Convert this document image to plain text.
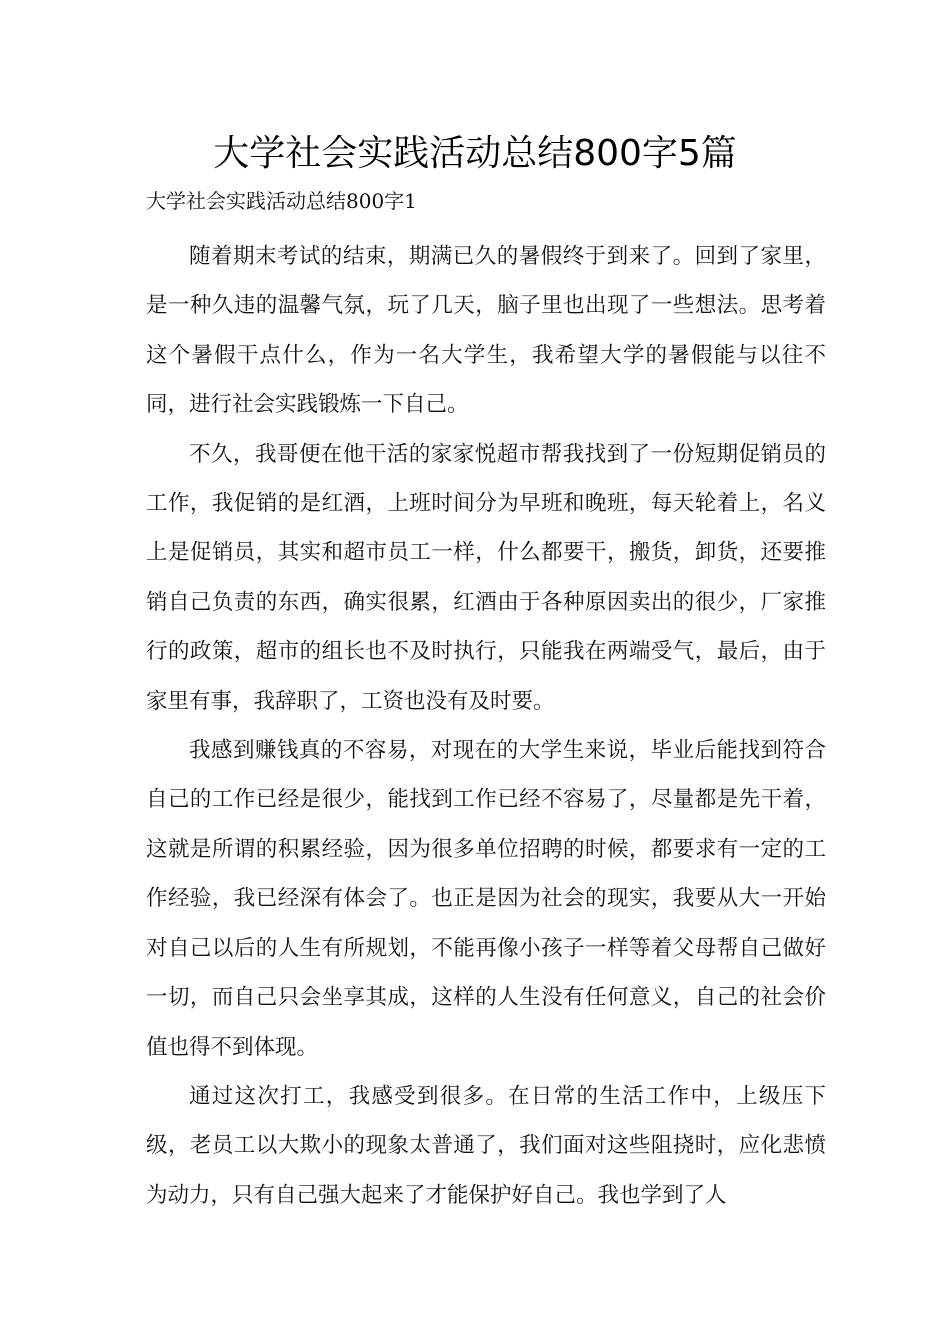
大学社会实践活动总结800字5篇

大学社会实践活动总结800字1

随着期末考试的结束，期满已久的暑假终于到来了。回到了家里，是一种久违的温馨气氛，玩了几天，脑子里也出现了一些想法。思考着这个暑假干点什么，作为一名大学生，我希望大学的暑假能与以往不同，进行社会实践锻炼一下自己。

不久，我哥便在他干活的家家悦超市帮我找到了一份短期促销员的工作，我促销的是红酒，上班时间分为早班和晚班，每天轮着上，名义上是促销员，其实和超市员工一样，什么都要干，搬货，卸货，还要推销自己负责的东西，确实很累，红酒由于各种原因卖出的很少，厂家推行的政策，超市的组长也不及时执行，只能我在两端受气，最后，由于家里有事，我辞职了，工资也没有及时要。

我感到赚钱真的不容易，对现在的大学生来说，毕业后能找到符合自己的工作已经是很少，能找到工作已经不容易了，尽量都是先干着，这就是所谓的积累经验，因为很多单位招聘的时候，都要求有一定的工作经验，我已经深有体会了。也正是因为社会的现实，我要从大一开始对自己以后的人生有所规划，不能再像小孩子一样等着父母帮自己做好一切，而自己只会坐享其成，这样的人生没有任何意义，自己的社会价值也得不到体现。

通过这次打工，我感受到很多。在日常的生活工作中，上级压下级，老员工以大欺小的现象太普通了，我们面对这些阻挠时，应化悲愤为动力，只有自己强大起来了才能保护好自己。我也学到了人
